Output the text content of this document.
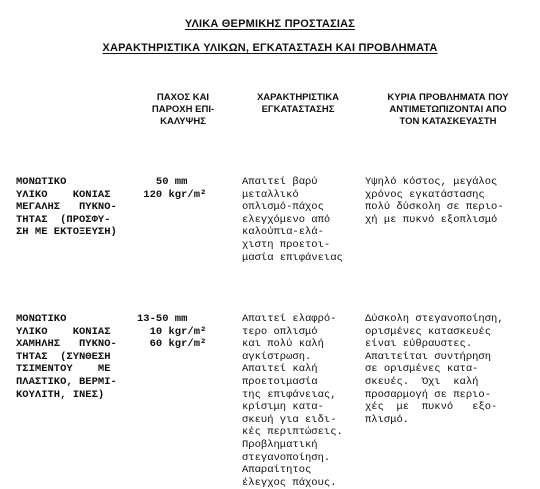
ΥΛΙΚΑ ΘΕΡΜΙΚΗΣ ΠΡΟΣΤΑΣΙΑΣ
ΧΑΡΑΚΤΗΡΙΣΤΙΚΑ ΥΛΙΚΩΝ, ΕΓΚΑΤΑΣΤΑΣΗ ΚΑΙ ΠΡΟΒΛΗΜΑΤΑ
ΠΑΧΟΣ ΚΑΙ
ΠΑΡΟΧΗ ΕΠΙ-
ΚΑΛΥΨΗΣ
ΧΑΡΑΚΤΗΡΙΣΤΙΚΑ
ΕΓΚΑΤΑΣΤΑΣΗΣ
ΚΥΡΙΑ ΠΡΟΒΛΗΜΑΤΑ ΠΟΥ
ΑΝΤΙΜΕΤΩΠΙΖΟΝΤΑΙ ΑΠΟ
ΤΟΝ ΚΑΤΑΣΚΕΥΑΣΤΗ
ΜΟΝΩΤΙΚΟ
ΥΛΙΚΟ    ΚΟΝΙΑΣ
ΜΕΓΑΛΗΣ   ΠΥΚΝΟ-
ΤΗΤΑΣ  (ΠΡΟΣΦΥ-
ΣΗ ΜΕ ΕΚΤΟΞΕΥΣΗ)
50 mm
120 kgr/m²
Απαιτεί βαρύ
μεταλλικό
οπλισμό-πάχος
ελεγχόμενο από
καλούπια-ελά-
χιστη προετοι-
μασία επιφάνειας
Υψηλό κόστος, μεγάλος
χρόνος εγκατάστασης
πολύ δύσκολη σε περιο-
χή με πυκνό εξοπλισμό
ΜΟΝΩΤΙΚΟ
ΥΛΙΚΟ    ΚΟΝΙΑΣ
ΧΑΜΗΛΗΣ   ΠΥΚΝΟ-
ΤΗΤΑΣ  (ΣΥΝΘΕΣΗ
ΤΣΙΜΕΝΤΟΥ    ΜΕ
ΠΛΑΣΤΙΚΟ, ΒΕΡΜΙ-
ΚΟΥΛΙΤΗ, ΙΝΕΣ)
13-50 mm
10 kgr/m²
60 kgr/m²
Απαιτεί ελαφρό-
τερο οπλισμό
και πολύ καλή
αγκίστρωση.
Απαιτεί καλή
προετοιμασία
της επιφάνειας,
κρίσιμη κατα-
σκευή για ειδι-
κές περιπτώσεις.
Προβληματική
στεγανοποίηση.
Απαραίτητος
έλεγχος πάχους.
Δύσκολη στεγανοποίηση,
ορισμένες κατασκευές
είναι εύθραυστες.
Απαιτείται συντήρηση
σε ορισμένες κατα-
σκευές.  Όχι  καλή
προσαρμογή σε περιο-
χές  με  πυκνό   εξο-
πλισμό.
